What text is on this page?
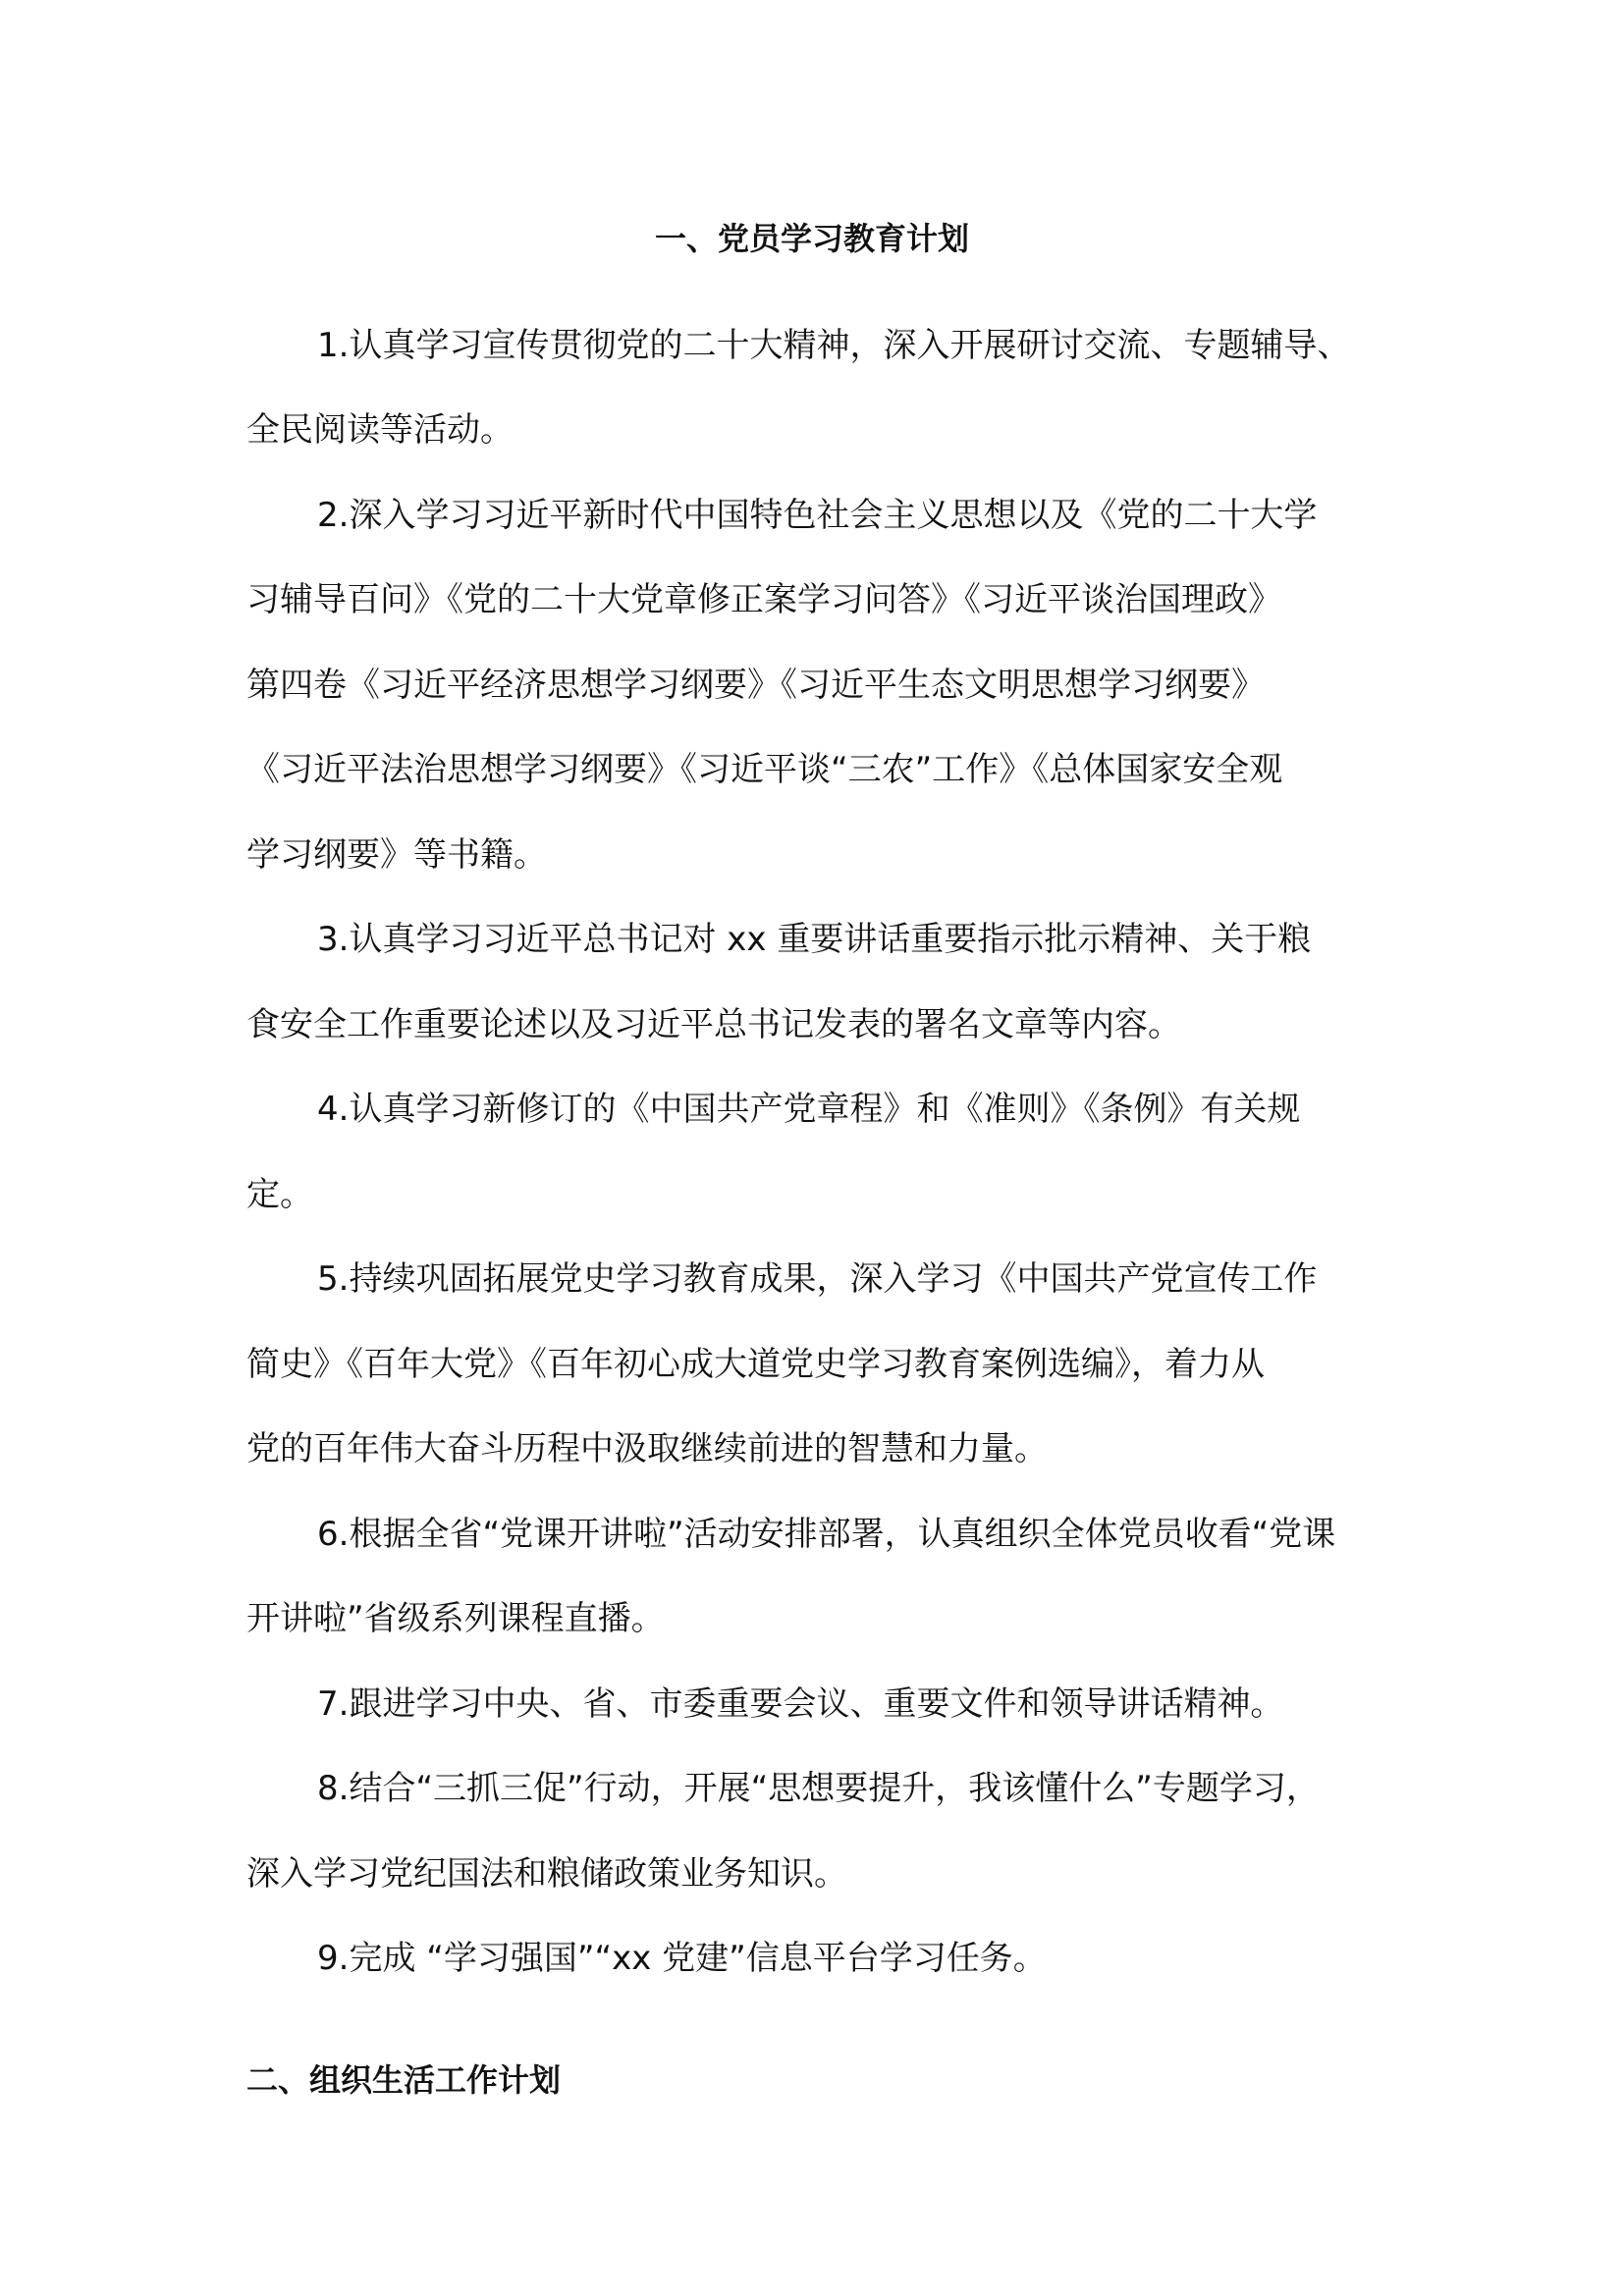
一、党员学习教育计划
1.认真学习宣传贯彻党的二十大精神，深入开展研讨交流、专题辅导、
全民阅读等活动。
2.深入学习习近平新时代中国特色社会主义思想以及《党的二十大学
习辅导百问》《党的二十大党章修正案学习问答》《习近平谈治国理政》
第四卷《习近平经济思想学习纲要》《习近平生态文明思想学习纲要》
《习近平法治思想学习纲要》《习近平谈“三农”工作》《总体国家安全观
学习纲要》等书籍。
3.认真学习习近平总书记对 xx 重要讲话重要指示批示精神、关于粮
食安全工作重要论述以及习近平总书记发表的署名文章等内容。
4.认真学习新修订的《中国共产党章程》和《准则》《条例》有关规
定。
5.持续巩固拓展党史学习教育成果，深入学习《中国共产党宣传工作
简史》《百年大党》《百年初心成大道党史学习教育案例选编》，着力从
党的百年伟大奋斗历程中汲取继续前进的智慧和力量。
6.根据全省“党课开讲啦”活动安排部署，认真组织全体党员收看“党课
开讲啦”省级系列课程直播。
7.跟进学习中央、省、市委重要会议、重要文件和领导讲话精神。
8.结合“三抓三促”行动，开展“思想要提升，我该懂什么”专题学习，
深入学习党纪国法和粮储政策业务知识。
9.完成 “学习强国”“xx 党建”信息平台学习任务。
二、组织生活工作计划
